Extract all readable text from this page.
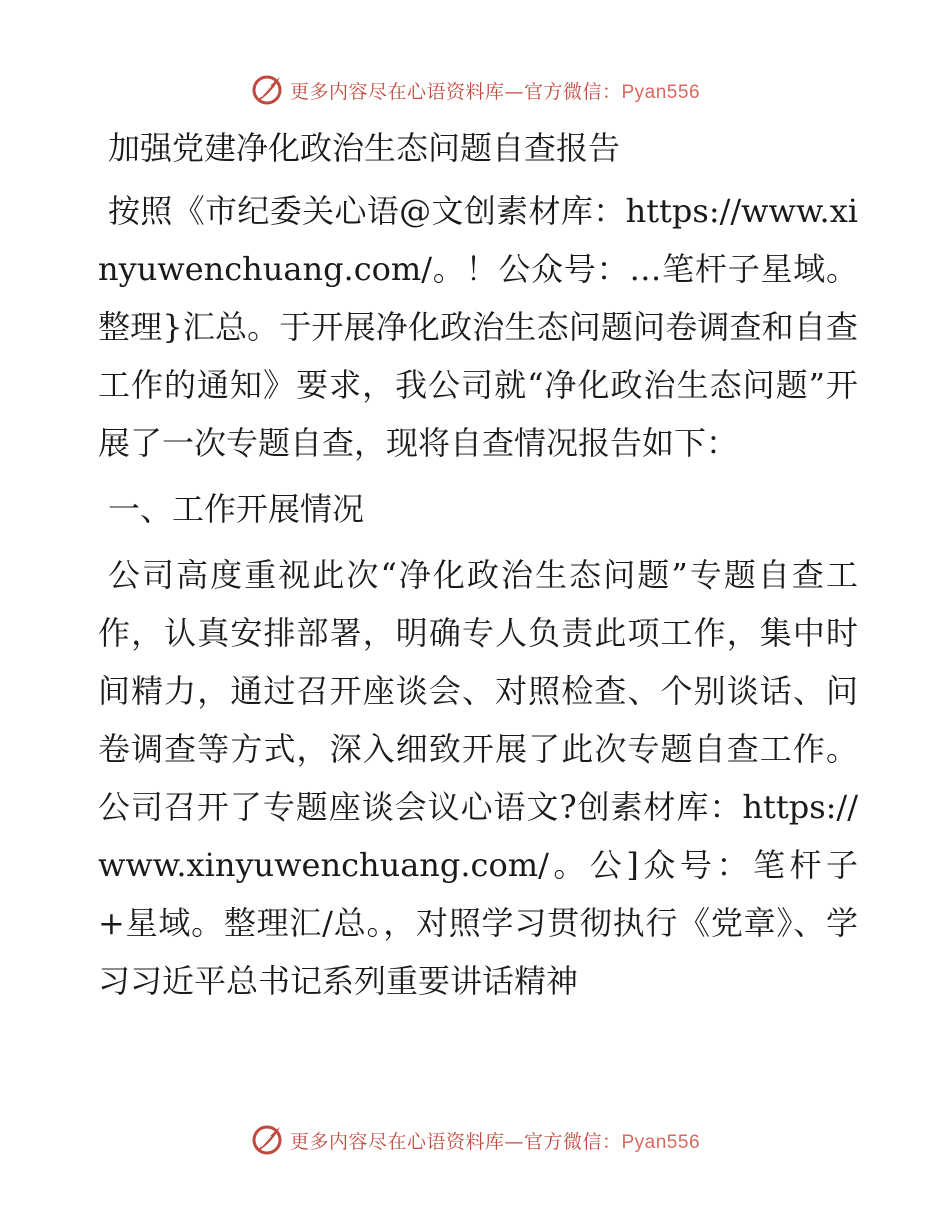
更多内容尽在心语资料库—官方微信：Pyan556
加强党建净化政治生态问题自查报告

按照《市纪委关心语@文创素材库：https://www.xinyuwenchuang.com/。！公众号：…笔杆子星域。整理}汇总。于开展净化政治生态问题问卷调查和自查工作的通知》要求，我公司就“净化政治生态问题”开展了一次专题自查，现将自查情况报告如下：

一、工作开展情况

公司高度重视此次“净化政治生态问题”专题自查工作，认真安排部署，明确专人负责此项工作，集中时间精力，通过召开座谈会、对照检查、个别谈话、问卷调查等方式，深入细致开展了此次专题自查工作。公司召开了专题座谈会议心语文?创素材库：https://www.xinyuwenchuang.com/。公]众号：笔杆子+星域。整理汇/总。，对照学习贯彻执行《党章》、学习习近平总书记系列重要讲话精神

更多内容尽在心语资料库—官方微信：Pyan556
